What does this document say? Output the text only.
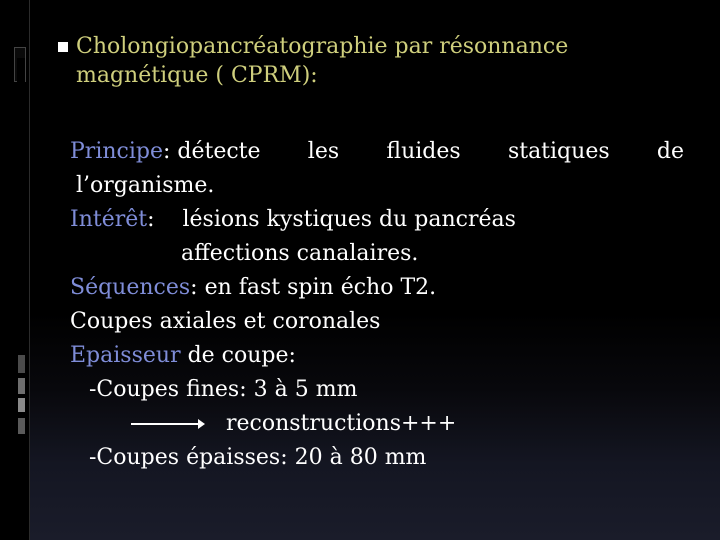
Cholongiopancréatographie par résonnance
magnétique ( CPRM):
Principe: détecte les fluides statiques de
l’organisme.
Intérêt:    lésions kystiques du pancréas
affections canalaires.
Séquences: en fast spin écho T2.
Coupes axiales et coronales
Epaisseur de coupe:
-Coupes fines: 3 à 5 mm
reconstructions+++
-Coupes épaisses: 20 à 80 mm
